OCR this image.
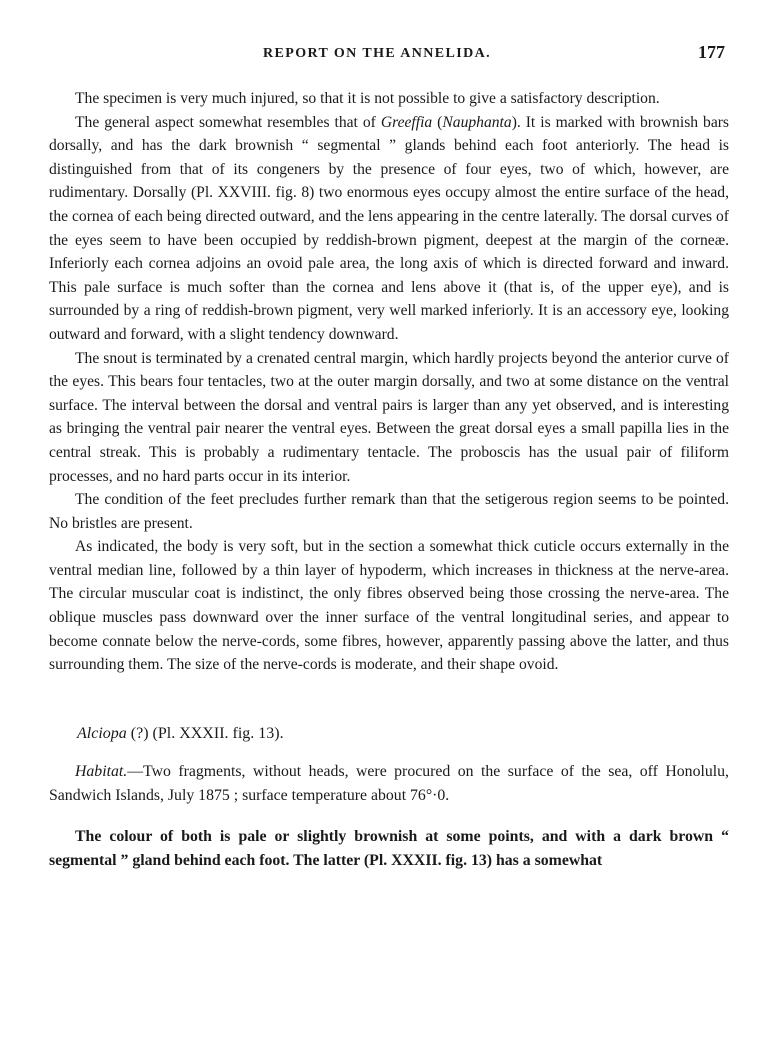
REPORT ON THE ANNELIDA.	177

The specimen is very much injured, so that it is not possible to give a satisfactory description.

The general aspect somewhat resembles that of Greeffia (Nauphanta). It is marked with brownish bars dorsally, and has the dark brownish “ segmental ” glands behind each foot anteriorly. The head is distinguished from that of its congeners by the presence of four eyes, two of which, however, are rudimentary. Dorsally (Pl. XXVIII. fig. 8) two enormous eyes occupy almost the entire surface of the head, the cornea of each being directed outward, and the lens appearing in the centre laterally. The dorsal curves of the eyes seem to have been occupied by reddish-brown pigment, deepest at the margin of the corneæ. Inferiorly each cornea adjoins an ovoid pale area, the long axis of which is directed forward and inward. This pale surface is much softer than the cornea and lens above it (that is, of the upper eye), and is surrounded by a ring of reddish-brown pigment, very well marked inferiorly. It is an accessory eye, looking outward and forward, with a slight tendency downward.

The snout is terminated by a crenated central margin, which hardly projects beyond the anterior curve of the eyes. This bears four tentacles, two at the outer margin dorsally, and two at some distance on the ventral surface. The interval between the dorsal and ventral pairs is larger than any yet observed, and is interesting as bringing the ventral pair nearer the ventral eyes. Between the great dorsal eyes a small papilla lies in the central streak. This is probably a rudimentary tentacle. The proboscis has the usual pair of filiform processes, and no hard parts occur in its interior.

The condition of the feet precludes further remark than that the setigerous region seems to be pointed. No bristles are present.

As indicated, the body is very soft, but in the section a somewhat thick cuticle occurs externally in the ventral median line, followed by a thin layer of hypoderm, which increases in thickness at the nerve-area. The circular muscular coat is indistinct, the only fibres observed being those crossing the nerve-area. The oblique muscles pass downward over the inner surface of the ventral longitudinal series, and appear to become connate below the nerve-cords, some fibres, however, apparently passing above the latter, and thus surrounding them. The size of the nerve-cords is moderate, and their shape ovoid.

Alciopa (?) (Pl. XXXII. fig. 13).
Habitat.—Two fragments, without heads, were procured on the surface of the sea, off Honolulu, Sandwich Islands, July 1875 ; surface temperature about 76°·0.
The colour of both is pale or slightly brownish at some points, and with a dark brown “ segmental ” gland behind each foot. The latter (Pl. XXXII. fig. 13) has a somewhat
